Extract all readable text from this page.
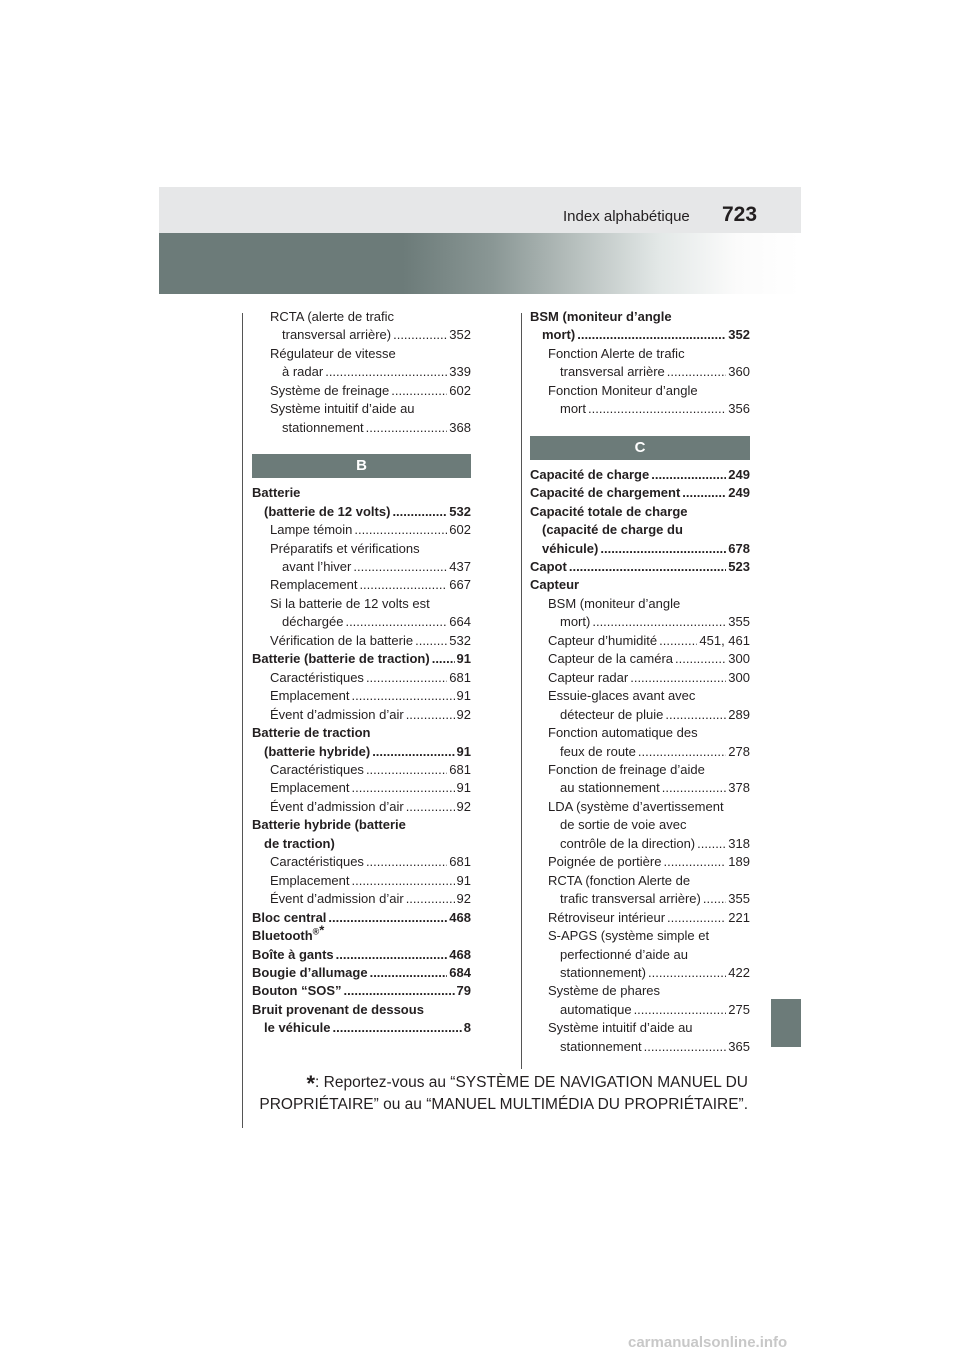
Index alphabétique 723
RCTA (alerte de trafic
transversal arrière) .....	352
Régulateur de vitesse
à radar .....	339
Système de freinage .....	602
Système intuitif d’aide au
stationnement .....	368
B
Batterie
(batterie de 12 volts) .....	532
Lampe témoin .....	602
Préparatifs et vérifications
avant l’hiver .....	437
Remplacement .....	667
Si la batterie de 12 volts est
déchargée .....	664
Vérification de la batterie .....	532
Batterie (batterie de traction) ..... 91
Caractéristiques .....	681
Emplacement .....	91
Évent d’admission d’air .....	92
Batterie de traction
(batterie hybride) .....	91
Caractéristiques .....	681
Emplacement .....	91
Évent d’admission d’air .....	92
Batterie hybride (batterie
de traction)
Caractéristiques .....	681
Emplacement .....	91
Évent d’admission d’air .....	92
Bloc central .....	468
Bluetooth®*
Boîte à gants .....	468
Bougie d’allumage .....	684
Bouton “SOS” .....	79
Bruit provenant de dessous
le véhicule .....	8
BSM (moniteur d’angle
mort) .....	352
Fonction Alerte de trafic
transversal arrière .....	360
Fonction Moniteur d’angle
mort .....	356
C
Capacité de charge .....	249
Capacité de chargement .....	249
Capacité totale de charge
(capacité de charge du
véhicule) .....	678
Capot .....	523
Capteur
BSM (moniteur d’angle
mort) .....	355
Capteur d’humidité .....	451, 461
Capteur de la caméra .....	300
Capteur radar .....	300
Essuie-glaces avant avec
détecteur de pluie .....	289
Fonction automatique des
feux de route .....	278
Fonction de freinage d’aide
au stationnement .....	378
LDA (système d’avertissement
de sortie de voie avec
contrôle de la direction) .....	318
Poignée de portière .....	189
RCTA (fonction Alerte de
trafic transversal arrière) ..... 355
Rétroviseur intérieur .....	221
S-APGS (système simple et
perfectionné d’aide au
stationnement) .....	422
Système de phares
automatique .....	275
Système intuitif d’aide au
stationnement .....	365
*: Reportez-vous au “SYSTÈME DE NAVIGATION MANUEL DU
PROPRIÉTAIRE” ou au “MANUEL MULTIMÉDIA DU PROPRIÉTAIRE”.
carmanualsonline.info
